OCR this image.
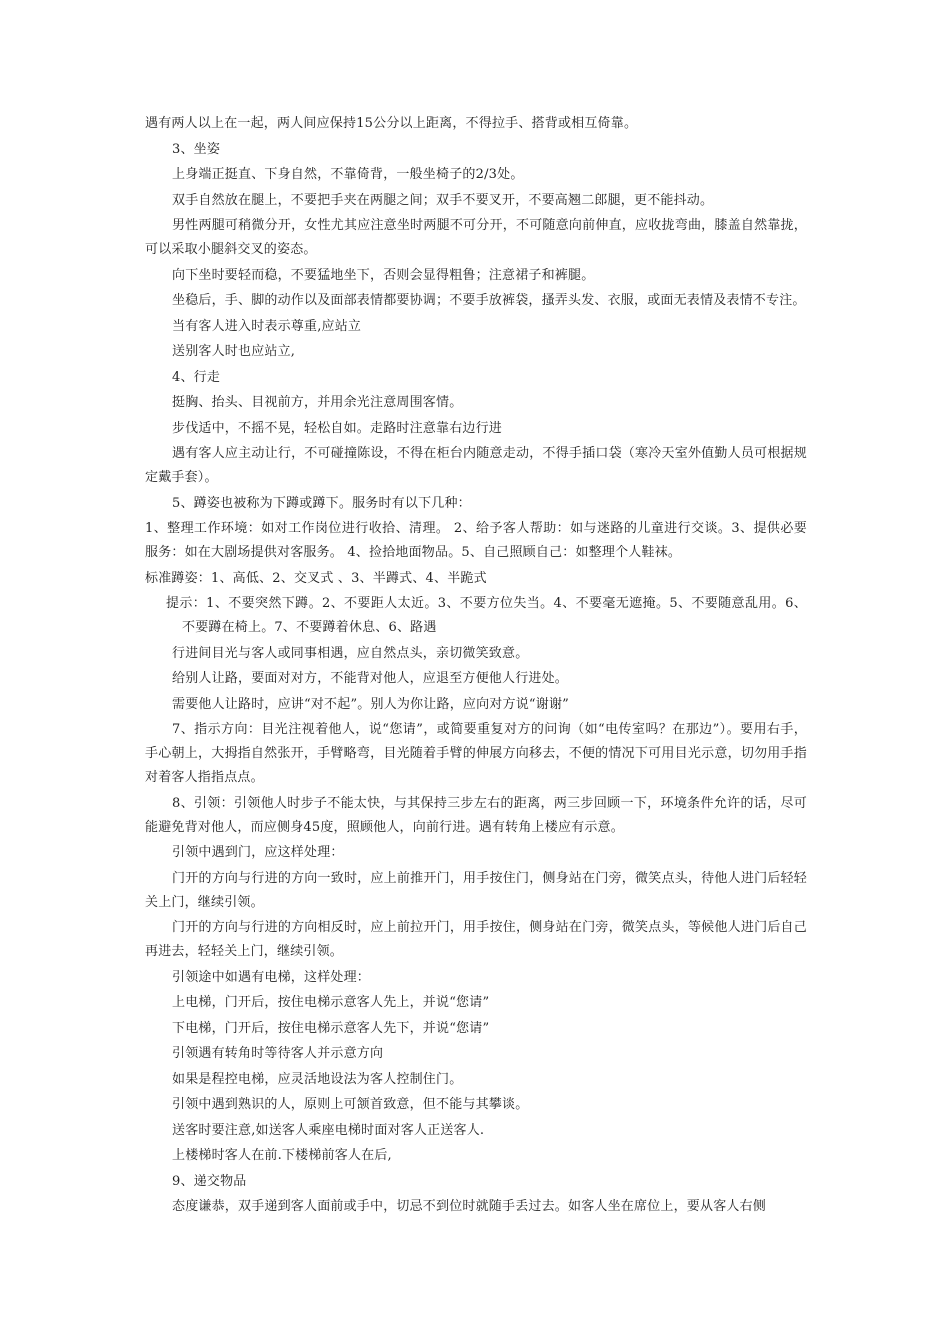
遇有两人以上在一起，两人间应保持15公分以上距离，不得拉手、搭背或相互倚靠。

3、坐姿

上身端正挺直、下身自然，不靠倚背，一般坐椅子的2/3处。

双手自然放在腿上，不要把手夹在两腿之间；双手不要叉开，不要高翘二郎腿，更不能抖动。

男性两腿可稍微分开，女性尤其应注意坐时两腿不可分开，不可随意向前伸直，应收拢弯曲，膝盖自然靠拢，可以采取小腿斜交叉的姿态。

向下坐时要轻而稳，不要猛地坐下，否则会显得粗鲁；注意裙子和裤腿。

坐稳后，手、脚的动作以及面部表情都要协调；不要手放裤袋，搔弄头发、衣服，或面无表情及表情不专注。

当有客人进入时表示尊重,应站立

送别客人时也应站立,

4、行走

挺胸、抬头、目视前方，并用余光注意周围客情。

步伐适中，不摇不晃，轻松自如。走路时注意靠右边行进

遇有客人应主动让行，不可碰撞陈设，不得在柜台内随意走动，不得手插口袋（寒冷天室外值勤人员可根据规定戴手套）。

5、蹲姿也被称为下蹲或蹲下。服务时有以下几种：

1、整理工作环境：如对工作岗位进行收拾、清理。 2、给予客人帮助：如与迷路的儿童进行交谈。3、提供必要服务：如在大剧场提供对客服务。 4、捡拾地面物品。5、自己照顾自己：如整理个人鞋袜。

标准蹲姿：1、高低、2、交叉式 、3、半蹲式、4、半跪式

提示：1、不要突然下蹲。2、不要距人太近。3、不要方位失当。4、不要毫无遮掩。5、不要随意乱用。6、不要蹲在椅上。7、不要蹲着休息、6、路遇

行进间目光与客人或同事相遇，应自然点头，亲切微笑致意。

给别人让路，要面对对方，不能背对他人，应退至方便他人行进处。

需要他人让路时，应讲“对不起”。别人为你让路，应向对方说“谢谢”

7、指示方向：目光注视着他人，说“您请”，或简要重复对方的问询（如“电传室吗？在那边”）。要用右手，手心朝上，大拇指自然张开，手臂略弯，目光随着手臂的伸展方向移去，不便的情况下可用目光示意，切勿用手指对着客人指指点点。

8、引领：引领他人时步子不能太快，与其保持三步左右的距离，两三步回顾一下，环境条件允许的话，尽可能避免背对他人，而应侧身45度，照顾他人，向前行进。遇有转角上楼应有示意。

引领中遇到门，应这样处理：

门开的方向与行进的方向一致时，应上前推开门，用手按住门，侧身站在门旁，微笑点头，待他人进门后轻轻关上门，继续引领。

门开的方向与行进的方向相反时，应上前拉开门，用手按住，侧身站在门旁，微笑点头，等候他人进门后自己再进去，轻轻关上门，继续引领。

引领途中如遇有电梯，这样处理：

上电梯，门开后，按住电梯示意客人先上，并说“您请”

下电梯，门开后，按住电梯示意客人先下，并说“您请”

引领遇有转角时等待客人并示意方向

如果是程控电梯，应灵活地设法为客人控制住门。

引领中遇到熟识的人，原则上可颔首致意，但不能与其攀谈。

送客时要注意,如送客人乘座电梯时面对客人正送客人.

上楼梯时客人在前.下楼梯前客人在后,

9、递交物品

态度谦恭，双手递到客人面前或手中，切忌不到位时就随手丢过去。如客人坐在席位上，要从客人右侧
